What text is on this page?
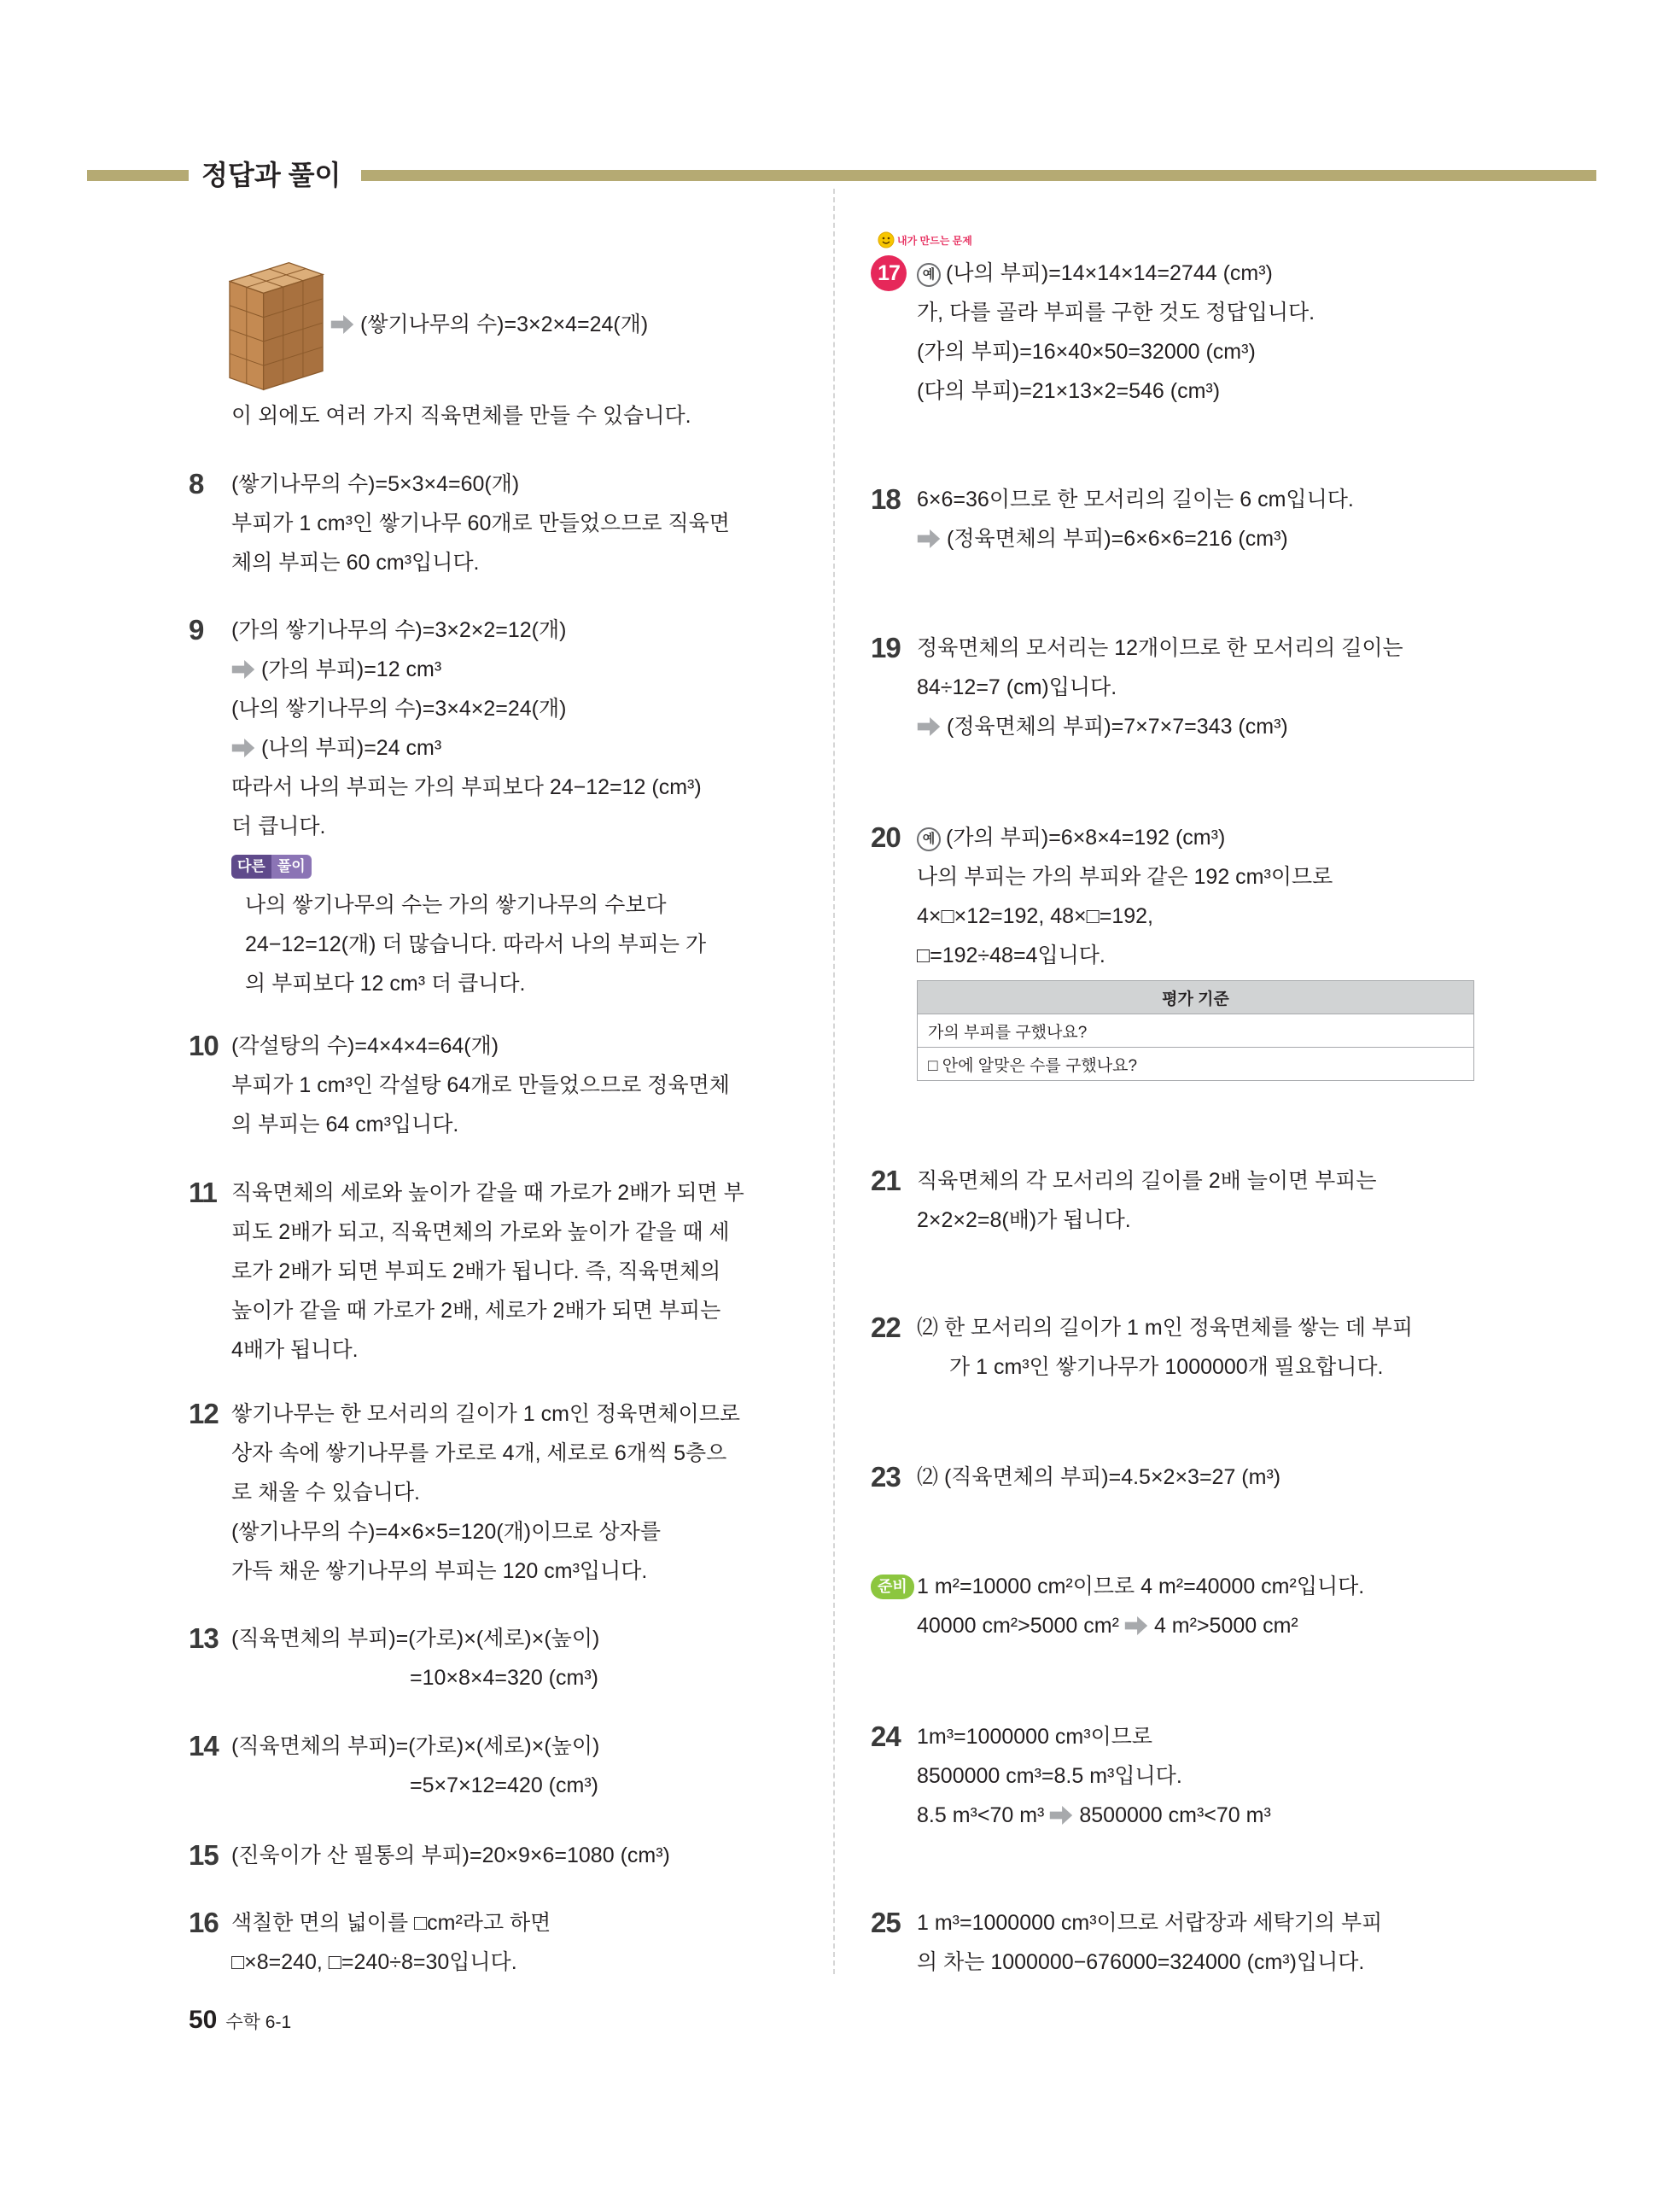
정답과 풀이
(쌓기나무의 수)=3×2×4=24(개)
이 외에도 여러 가지 직육면체를 만들 수 있습니다.
8 (쌓기나무의 수)=5×3×4=60(개)
부피가 1 cm³인 쌓기나무 60개로 만들었으므로 직육면
체의 부피는 60 cm³입니다.
9 (가의 쌓기나무의 수)=3×2×2=12(개)
(가의 부피)=12 cm³
(나의 쌓기나무의 수)=3×4×2=24(개)
(나의 부피)=24 cm³
따라서 나의 부피는 가의 부피보다 24−12=12 (cm³)
더 큽니다.
다른 풀이
나의 쌓기나무의 수는 가의 쌓기나무의 수보다
24−12=12(개) 더 많습니다. 따라서 나의 부피는 가
의 부피보다 12 cm³ 더 큽니다.
10 (각설탕의 수)=4×4×4=64(개)
부피가 1 cm³인 각설탕 64개로 만들었으므로 정육면체
의 부피는 64 cm³입니다.
11 직육면체의 세로와 높이가 같을 때 가로가 2배가 되면 부
피도 2배가 되고, 직육면체의 가로와 높이가 같을 때 세
로가 2배가 되면 부피도 2배가 됩니다. 즉, 직육면체의
높이가 같을 때 가로가 2배, 세로가 2배가 되면 부피는
4배가 됩니다.
12 쌓기나무는 한 모서리의 길이가 1 cm인 정육면체이므로
상자 속에 쌓기나무를 가로로 4개, 세로로 6개씩 5층으
로 채울 수 있습니다.
(쌓기나무의 수)=4×6×5=120(개)이므로 상자를
가득 채운 쌓기나무의 부피는 120 cm³입니다.
13 (직육면체의 부피)=(가로)×(세로)×(높이)
=10×8×4=320 (cm³)
14 (직육면체의 부피)=(가로)×(세로)×(높이)
=5×7×12=420 (cm³)
15 (진욱이가 산 필통의 부피)=20×9×6=1080 (cm³)
16 색칠한 면의 넓이를 □cm²라고 하면
□×8=240, □=240÷8=30입니다.
내가 만드는 문제
17	예 (나의 부피)=14×14×14=2744 (cm³)
가, 다를 골라 부피를 구한 것도 정답입니다.
(가의 부피)=16×40×50=32000 (cm³)
(다의 부피)=21×13×2=546 (cm³)
18 6×6=36이므로 한 모서리의 길이는 6 cm입니다.
(정육면체의 부피)=6×6×6=216 (cm³)
19 정육면체의 모서리는 12개이므로 한 모서리의 길이는
84÷12=7 (cm)입니다.
(정육면체의 부피)=7×7×7=343 (cm³)
20	예 (가의 부피)=6×8×4=192 (cm³)
나의 부피는 가의 부피와 같은 192 cm³이므로
4×□×12=192, 48×□=192,
□=192÷48=4입니다.
평가 기준
가의 부피를 구했나요?
□ 안에 알맞은 수를 구했나요?
21 직육면체의 각 모서리의 길이를 2배 늘이면 부피는
2×2×2=8(배)가 됩니다.
22 ⑵ 한 모서리의 길이가 1 m인 정육면체를 쌓는 데 부피
가 1 cm³인 쌓기나무가 1000000개 필요합니다.
23 ⑵ (직육면체의 부피)=4.5×2×3=27 (m³)
준비 1 m²=10000 cm²이므로 4 m²=40000 cm²입니다.
40000 cm²>5000 cm² 4 m²>5000 cm²
24 1m³=1000000 cm³이므로
8500000 cm³=8.5 m³입니다.
8.5 m³<70 m³ 8500000 cm³<70 m³
25 1 m³=1000000 cm³이므로 서랍장과 세탁기의 부피
의 차는 1000000−676000=324000 (cm³)입니다.
50 수학 6-1
